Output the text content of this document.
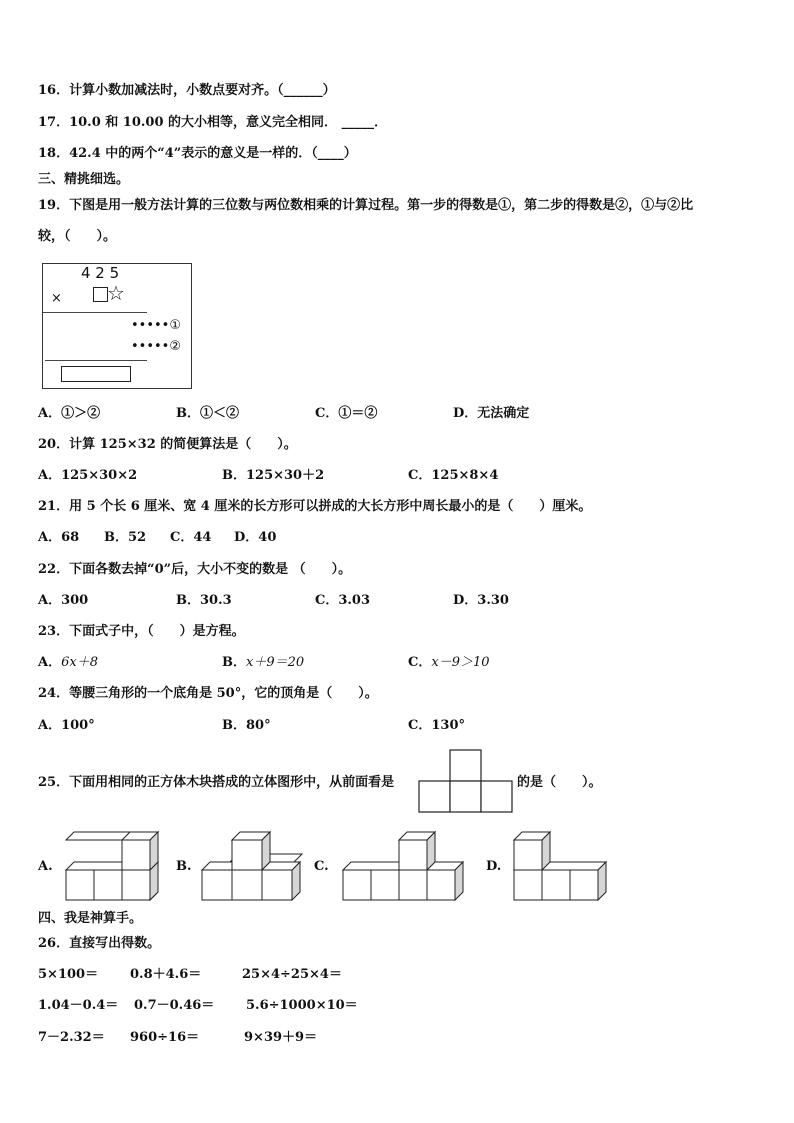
16．计算小数加减法时，小数点要对齐。（______）
17．10.0 和 10.00 的大小相等，意义完全相同． _____．
18．42.4 中的两个“4”表示的意义是一样的．（____）
三、精挑细选。
19．下图是用一般方法计算的三位数与两位数相乘的计算过程。第一步的得数是①，第二步的得数是②，①与②比
较，（　　）。
4 2 5
× ☆
•••••①
•••••②
A．①＞②	B．①＜②	C．①＝②	D．无法确定
20．计算 125×32 的简便算法是（　　）。
A．125×30×2	B．125×30＋2	C．125×8×4
21．用 5 个长 6 厘米、宽 4 厘米的长方形可以拼成的大长方形中周长最小的是（　　）厘米。
A．68 B．52 C．44 D．40
22．下面各数去掉“0”后，大小不变的数是 （　　）。
A．300	B．30.3	C．3.03	D．3.30
23．下面式子中，（　　）是方程。
A．6x＋8	B．x＋9＝20	C．x－9＞10
24．等腰三角形的一个底角是 50°，它的顶角是（　　）。
A．100°	B．80°	C．130°
25．下面用相同的正方体木块搭成的立体图形中，从前面看是	的是（　　）。
A.	B.	C.	D.
四、我是神算手。
26．直接写出得数。
5×100＝ 0.8＋4.6＝	25×4÷25×4＝
1.04－0.4＝ 0.7－0.46＝ 5.6÷1000×10＝
7－2.32＝ 960÷16＝	9×39＋9＝
